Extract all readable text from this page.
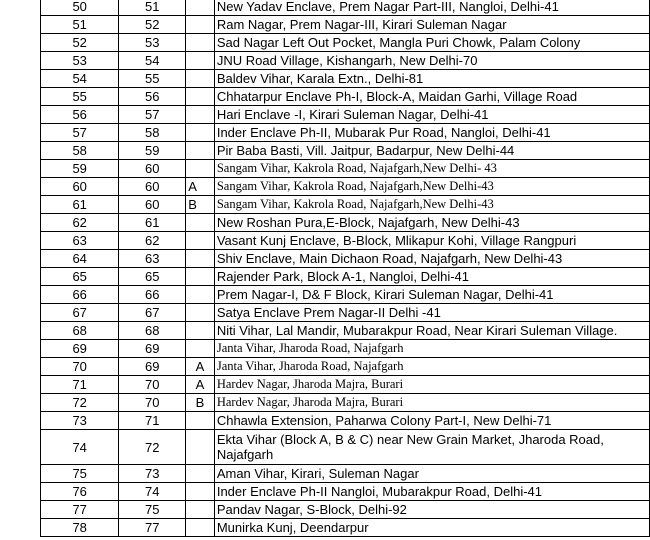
50	51		New Yadav Enclave, Prem Nagar Part-III, Nangloi, Delhi-41
51	52		Ram Nagar, Prem Nagar-III, Kirari Suleman Nagar
52	53		Sad Nagar Left Out Pocket, Mangla Puri Chowk, Palam Colony
53	54		JNU Road Village, Kishangarh, New Delhi-70
54	55		Baldev Vihar, Karala Extn., Delhi-81
55	56		Chhatarpur Enclave Ph-I, Block-A, Maidan Garhi, Village Road
56	57		Hari Enclave -I, Kirari Suleman Nagar, Delhi-41
57	58		Inder Enclave Ph-II, Mubarak Pur Road, Nangloi, Delhi-41
58	59		Pir Baba Basti, Vill. Jaitpur, Badarpur, New Delhi-44
59	60		Sangam Vihar, Kakrola Road, Najafgarh,New Delhi- 43
60	60	A	Sangam Vihar, Kakrola Road, Najafgarh,New Delhi-43
61	60	B	Sangam Vihar, Kakrola Road, Najafgarh,New Delhi-43
62	61		New Roshan Pura,E-Block, Najafgarh, New Delhi-43
63	62		Vasant Kunj Enclave, B-Block, Mlikapur Kohi, Village Rangpuri
64	63		Shiv Enclave, Main Dichaon Road, Najafgarh, New Delhi-43
65	65		Rajender Park, Block A-1, Nangloi, Delhi-41
66	66		Prem Nagar-I, D& F Block, Kirari Suleman Nagar, Delhi-41
67	67		Satya Enclave Prem Nagar-II Delhi -41
68	68		Niti Vihar, Lal Mandir, Mubarakpur Road, Near Kirari Suleman Village.
69	69		Janta Vihar, Jharoda Road, Najafgarh
70	69	A	Janta Vihar, Jharoda Road, Najafgarh
71	70	A	Hardev Nagar, Jharoda Majra, Burari
72	70	B	Hardev Nagar, Jharoda Majra, Burari
73	71		Chhawla Extension, Paharwa Colony Part-I, New Delhi-71
74	72		Ekta Vihar (Block A, B & C) near New Grain Market, Jharoda Road, Najafgarh
75	73		Aman Vihar, Kirari, Suleman Nagar
76	74		Inder Enclave Ph-II Nangloi, Mubarakpur Road, Delhi-41
77	75		Pandav Nagar, S-Block, Delhi-92
78	77		Munirka Kunj, Deendarpur
